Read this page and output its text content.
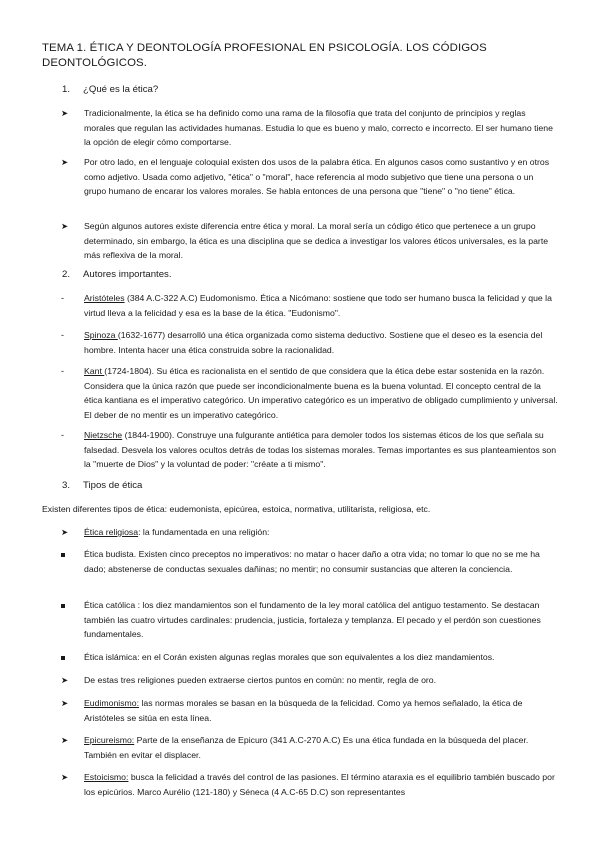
TEMA 1. ÉTICA Y DEONTOLOGÍA PROFESIONAL EN PSICOLOGÍA. LOS CÓDIGOS DEONTOLÓGICOS.
1. ¿Qué es la ética?
➤ Tradicionalmente, la ética se ha definido como una rama de la filosofía que trata del conjunto de principios y reglas morales que regulan las actividades humanas. Estudia lo que es bueno y malo, correcto e incorrecto. El ser humano tiene la opción de elegir cómo comportarse.
➤ Por otro lado, en el lenguaje coloquial existen dos usos de la palabra ética. En algunos casos como sustantivo y en otros como adjetivo. Usada como adjetivo, "ética" o "moral", hace referencia al modo subjetivo que tiene una persona o un grupo humano de encarar los valores morales. Se habla entonces de una persona que "tiene" o "no tiene" ética.
➤ Según algunos autores existe diferencia entre ética y moral. La moral sería un código ético que pertenece a un grupo determinado, sin embargo, la ética es una disciplina que se dedica a investigar los valores éticos universales, es la parte más reflexiva de la moral.
2. Autores importantes.
- Aristóteles (384 A.C-322 A.C) Eudomonismo. Ética a Nicómano: sostiene que todo ser humano busca la felicidad y que la virtud lleva a la felicidad y esa es la base de la ética. "Eudonismo".
- Spinoza (1632-1677) desarrolló una ética organizada como sistema deductivo. Sostiene que el deseo es la esencia del hombre. Intenta hacer una ética construida sobre la racionalidad.
- Kant (1724-1804). Su ética es racionalista en el sentido de que considera que la ética debe estar sostenida en la razón. Considera que la única razón que puede ser incondicionalmente buena es la buena voluntad. El concepto central de la ética kantiana es el imperativo categórico. Un imperativo categórico es un imperativo de obligado cumplimiento y universal. El deber de no mentir es un imperativo categórico.
- Nietzsche (1844-1900). Construye una fulgurante antiética para demoler todos los sistemas éticos de los que señala su falsedad. Desvela los valores ocultos detrás de todas los sistemas morales. Temas importantes es sus planteamientos son la "muerte de Dios" y la voluntad de poder: "créate a ti mismo".
3. Tipos de ética
Existen diferentes tipos de ética: eudemonista, epicúrea, estoica, normativa, utilitarista, religiosa, etc.
➤ Ética religiosa: la fundamentada en una religión:
Ética budista. Existen cinco preceptos no imperativos: no matar o hacer daño a otra vida; no tomar lo que no se me ha dado; abstenerse de conductas sexuales dañinas; no mentir; no consumir sustancias que alteren la conciencia.
Ética católica : los diez mandamientos son el fundamento de la ley moral católica del antiguo testamento. Se destacan también las cuatro virtudes cardinales: prudencia, justicia, fortaleza y templanza. El pecado y el perdón son cuestiones fundamentales.
Ética islámica: en el Corán existen algunas reglas morales que son equivalentes a los diez mandamientos.
➤ De estas tres religiones pueden extraerse ciertos puntos en común: no mentir, regla de oro.
➤ Eudimonismo: las normas morales se basan en la búsqueda de la felicidad. Como ya hemos señalado, la ética de Aristóteles se sitúa en esta línea.
➤ Epicureismo: Parte de la enseñanza de Epicuro (341 A.C-270 A.C) Es una ética fundada en la búsqueda del placer. También en evitar el displacer.
➤ Estoicismo: busca la felicidad a través del control de las pasiones. El término ataraxia es el equilibrio también buscado por los epicúrios. Marco Aurélio (121-180) y Séneca (4 A.C-65 D.C) son representantes
